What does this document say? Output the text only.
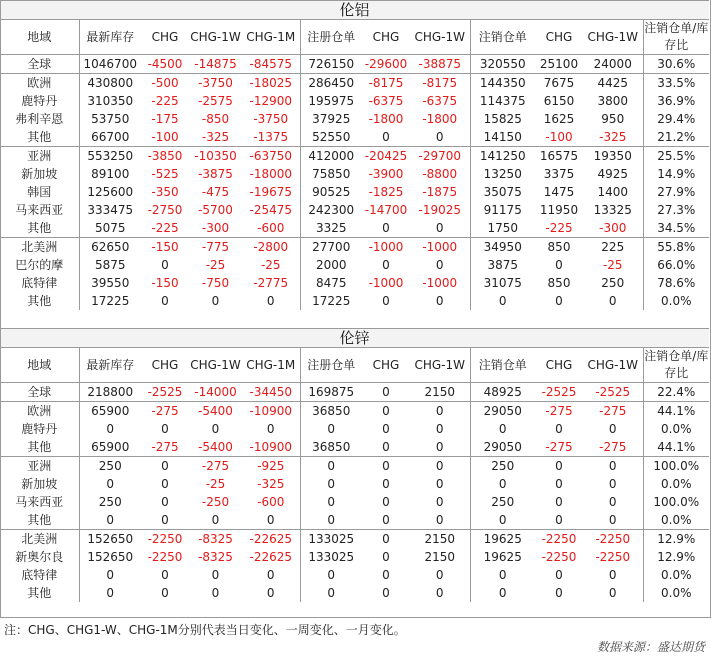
伦铝											
地域	最新库存	CHG	CHG-1W	CHG-1M	注册仓单	CHG	CHG-1W	注销仓单	CHG	CHG-1W	注销仓单/库存比
全球	1046700	-4500	-14875	-84575	726150	-29600	-38875	320550	25100	24000	30.6%
欧洲	430800	-500	-3750	-18025	286450	-8175	-8175	144350	7675	4425	33.5%
鹿特丹	310350	-225	-2575	-12900	195975	-6375	-6375	114375	6150	3800	36.9%
弗利辛恩	53750	-175	-850	-3750	37925	-1800	-1800	15825	1625	950	29.4%
其他	66700	-100	-325	-1375	52550	0	0	14150	-100	-325	21.2%
亚洲	553250	-3850	-10350	-63750	412000	-20425	-29700	141250	16575	19350	25.5%
新加坡	89100	-525	-3875	-18000	75850	-3900	-8800	13250	3375	4925	14.9%
韩国	125600	-350	-475	-19675	90525	-1825	-1875	35075	1475	1400	27.9%
马来西亚	333475	-2750	-5700	-25475	242300	-14700	-19025	91175	11950	13325	27.3%
其他	5075	-225	-300	-600	3325	0	0	1750	-225	-300	34.5%
北美洲	62650	-150	-775	-2800	27700	-1000	-1000	34950	850	225	55.8%
巴尔的摩	5875	0	-25	-25	2000	0	0	3875	0	-25	66.0%
底特律	39550	-150	-750	-2775	8475	-1000	-1000	31075	850	250	78.6%
其他	17225	0	0	0	17225	0	0	0	0	0	0.0%
伦锌											
地域	最新库存	CHG	CHG-1W	CHG-1M	注册仓单	CHG	CHG-1W	注销仓单	CHG	CHG-1W	注销仓单/库存比
全球	218800	-2525	-14000	-34450	169875	0	2150	48925	-2525	-2525	22.4%
欧洲	65900	-275	-5400	-10900	36850	0	0	29050	-275	-275	44.1%
鹿特丹	0	0	0	0	0	0	0	0	0	0	0.0%
其他	65900	-275	-5400	-10900	36850	0	0	29050	-275	-275	44.1%
亚洲	250	0	-275	-925	0	0	0	250	0	0	100.0%
新加坡	0	0	-25	-325	0	0	0	0	0	0	0.0%
马来西亚	250	0	-250	-600	0	0	0	250	0	0	100.0%
其他	0	0	0	0	0	0	0	0	0	0	0.0%
北美洲	152650	-2250	-8325	-22625	133025	0	2150	19625	-2250	-2250	12.9%
新奥尔良	152650	-2250	-8325	-22625	133025	0	2150	19625	-2250	-2250	12.9%
底特律	0	0	0	0	0	0	0	0	0	0	0.0%
其他	0	0	0	0	0	0	0	0	0	0	0.0%
注：CHG、CHG1-W、CHG-1M分别代表当日变化、一周变化、一月变化。
数据来源：盛达期货
